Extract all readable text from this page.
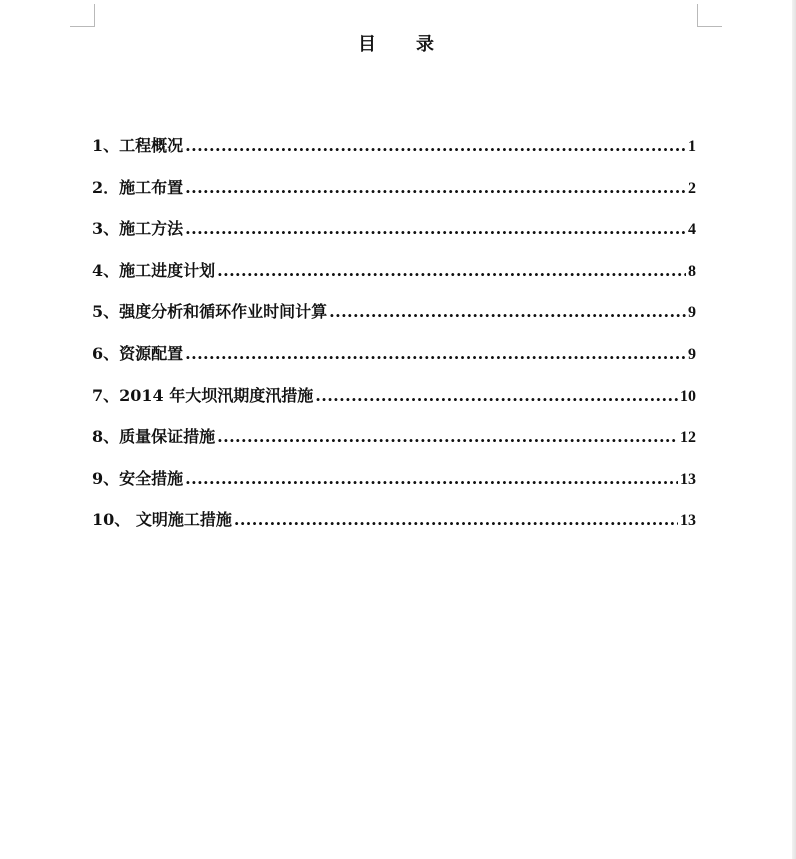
目录
1、工程概况 .....	1
2．施工布置 .....	2
3、施工方法 .....	4
4、施工进度计划 .....	8
5、强度分析和循环作业时间计算 .....	9
6、资源配置 .....	9
7、2014 年大坝汛期度汛措施 .....	10
8、质量保证措施 .....	12
9、安全措施 .....	13
10、 文明施工措施 .....	13
